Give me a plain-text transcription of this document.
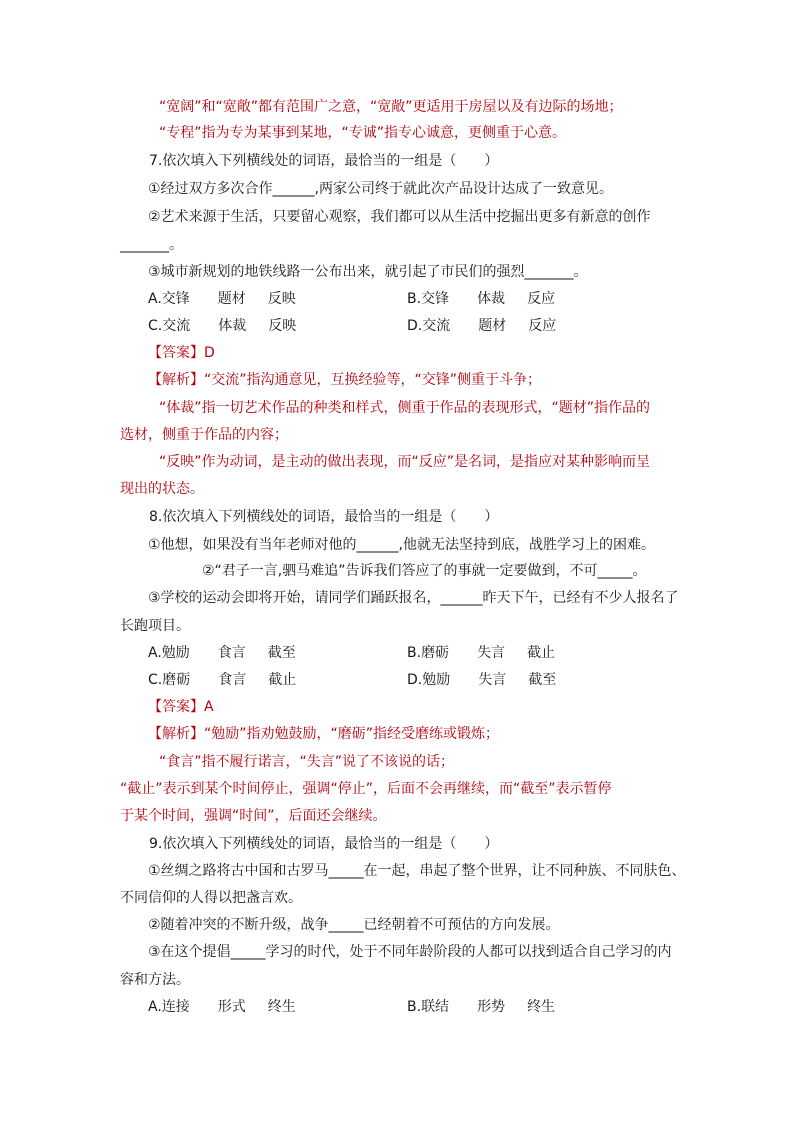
“宽阔”和“宽敞”都有范围广之意，“宽敞”更适用于房屋以及有边际的场地；
“专程”指为专为某事到某地，“专诚”指专心诚意，更侧重于心意。
7.依次填入下列横线处的词语，最恰当的一组是（　　）
①经过双方多次合作______,两家公司终于就此次产品设计达成了一致意见。
②艺术来源于生活，只要留心观察，我们都可以从生活中挖掘出更多有新意的创作
_______。
③城市新规划的地铁线路一公布出来，就引起了市民们的强烈_______。
A.交锋 题材 反映	B.交锋 体裁 反应
C.交流 体裁 反映	D.交流 题材 反应
【答案】D
【解析】“交流”指沟通意见，互换经验等，“交锋”侧重于斗争；
“体裁”指一切艺术作品的种类和样式，侧重于作品的表现形式，“题材”指作品的
选材，侧重于作品的内容；
“反映”作为动词，是主动的做出表现，而“反应”是名词，是指应对某种影响而呈
现出的状态。
8.依次填入下列横线处的词语，最恰当的一组是（　　）
①他想，如果没有当年老师对他的______,他就无法坚持到底，战胜学习上的困难。
②“君子一言,驷马难追”告诉我们答应了的事就一定要做到，不可_____。
③学校的运动会即将开始，请同学们踊跃报名，______昨天下午，已经有不少人报名了
长跑项目。
A.勉励 食言 截至	B.磨砺 失言 截止
C.磨砺 食言 截止	D.勉励 失言 截至
【答案】A
【解析】“勉励”指劝勉鼓励，“磨砺”指经受磨练或锻炼；
“食言”指不履行诺言，“失言”说了不该说的话；
“截止”表示到某个时间停止，强调“停止”，后面不会再继续，而“截至”表示暂停
于某个时间，强调“时间”，后面还会继续。
9.依次填入下列横线处的词语，最恰当的一组是（　　）
①丝绸之路将古中国和古罗马_____在一起，串起了整个世界，让不同种族、不同肤色、
不同信仰的人得以把盏言欢。
②随着冲突的不断升级，战争_____已经朝着不可预估的方向发展。
③在这个提倡_____学习的时代，处于不同年龄阶段的人都可以找到适合自己学习的内
容和方法。
A.连接 形式 终生	B.联结 形势 终生
